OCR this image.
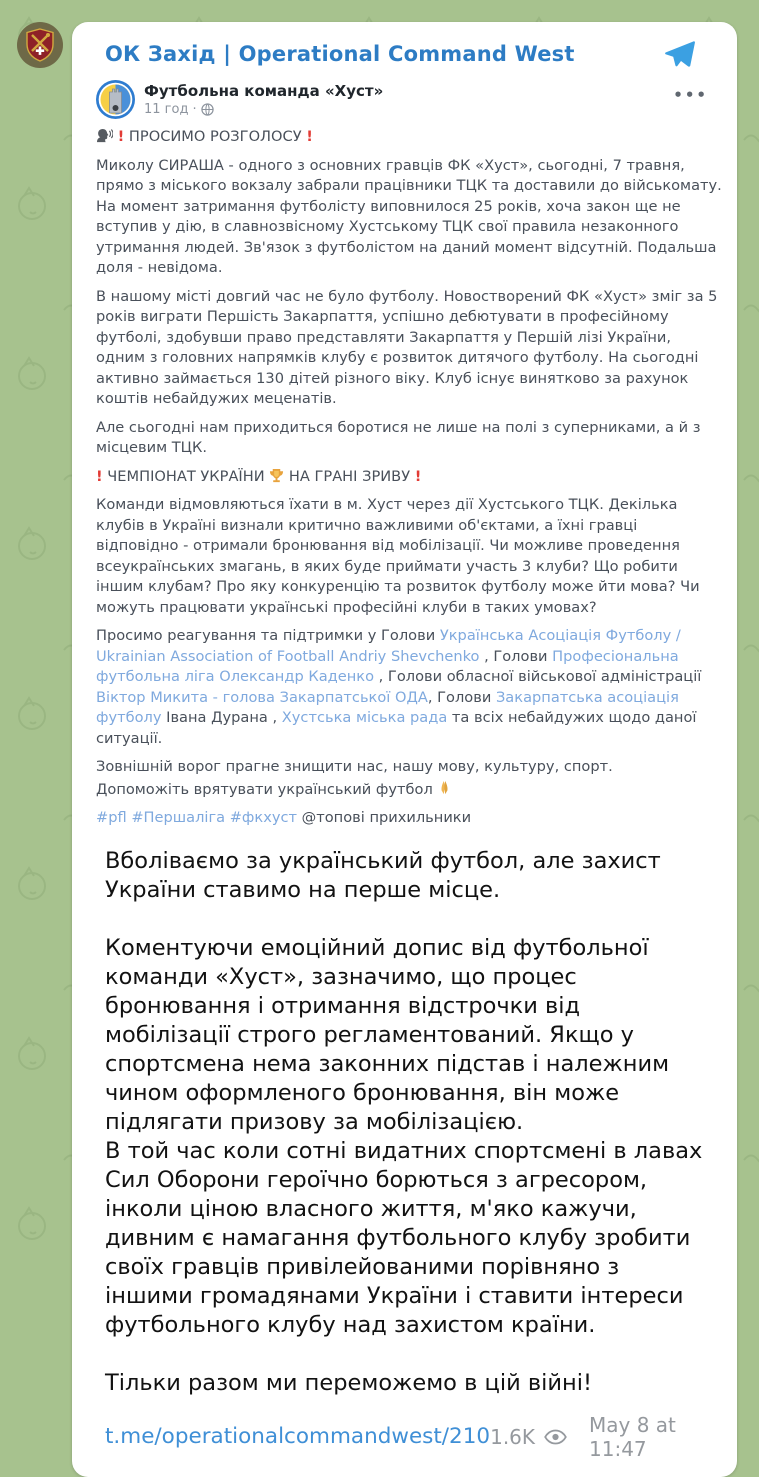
ОК Захід | Operational Command West
Футбольна команда «Хуст»
11 год ·
•••

! ПРОСИМО РОЗГОЛОСУ !

Миколу СИРАША - одного з основних гравців ФК «Хуст», сьогодні, 7 травня, прямо з міського вокзалу забрали працівники ТЦК та доставили до військомату. На момент затримання футболісту виповнилося 25 років, хоча закон ще не вступив у дію, в славнозвісному Хустському ТЦК свої правила незаконного утримання людей. Зв'язок з футболістом на даний момент відсутній. Подальша доля - невідома.

В нашому місті довгий час не було футболу. Новостворений ФК «Хуст» зміг за 5 років виграти Першість Закарпаття, успішно дебютувати в професійному футболі, здобувши право представляти Закарпаття у Першій лізі України, одним з головних напрямків клубу є розвиток дитячого футболу. На сьогодні активно займається 130 дітей різного віку. Клуб існує винятково за рахунок коштів небайдужих меценатів.

Але сьогодні нам приходиться боротися не лише на полі з суперниками, а й з місцевим ТЦК.

! ЧЕМПІОНАТ УКРАЇНИ  НА ГРАНІ ЗРИВУ !

Команди відмовляються їхати в м. Хуст через дії Хустського ТЦК. Декілька клубів в Україні визнали критично важливими об'єктами, а їхні гравці відповідно - отримали бронювання від мобілізації. Чи можливе проведення всеукраїнських змагань, в яких буде приймати участь 3 клуби? Що робити іншим клубам? Про яку конкуренцію та розвиток футболу може йти мова? Чи можуть працювати українські професійні клуби в таких умовах?

Просимо реагування та підтримки у Голови Українська Асоціація Футболу / Ukrainian Association of Football Andriy Shevchenko , Голови Професіональна футбольна ліга Олександр Каденко , Голови обласної військової адміністрації Віктор Микита - голова Закарпатської ОДА, Голови Закарпатська асоціація футболу Івана Дурана , Хустська міська рада та всіх небайдужих щодо даної ситуації.

Зовнішній ворог прагне знищити нас, нашу мову, культуру, спорт.

Допоможіть врятувати український футбол

#pfl #Першаліга #фкхуст @топові прихильники

Вболіваємо за український футбол, але захист України ставимо на перше місце.

Коментуючи емоційний допис від футбольної команди «Хуст», зазначимо, що процес бронювання і отримання відстрочки від мобілізації строго регламентований. Якщо у спортсмена нема законних підстав і належним чином оформленого бронювання, він може підлягати призову за мобілізацією.

В той час коли сотні видатних спортсмені в лавах Сил Оборони героїчно борються з агресором, інколи ціною власного життя, м'яко кажучи, дивним є намагання футбольного клубу зробити своїх гравців привілейованими порівняно з іншими громадянами України і ставити інтереси футбольного клубу над захистом країни.

Тільки разом ми переможемо в цій війні!

t.me/operationalcommandwest/210 1.6K	May 8 at 11:47
